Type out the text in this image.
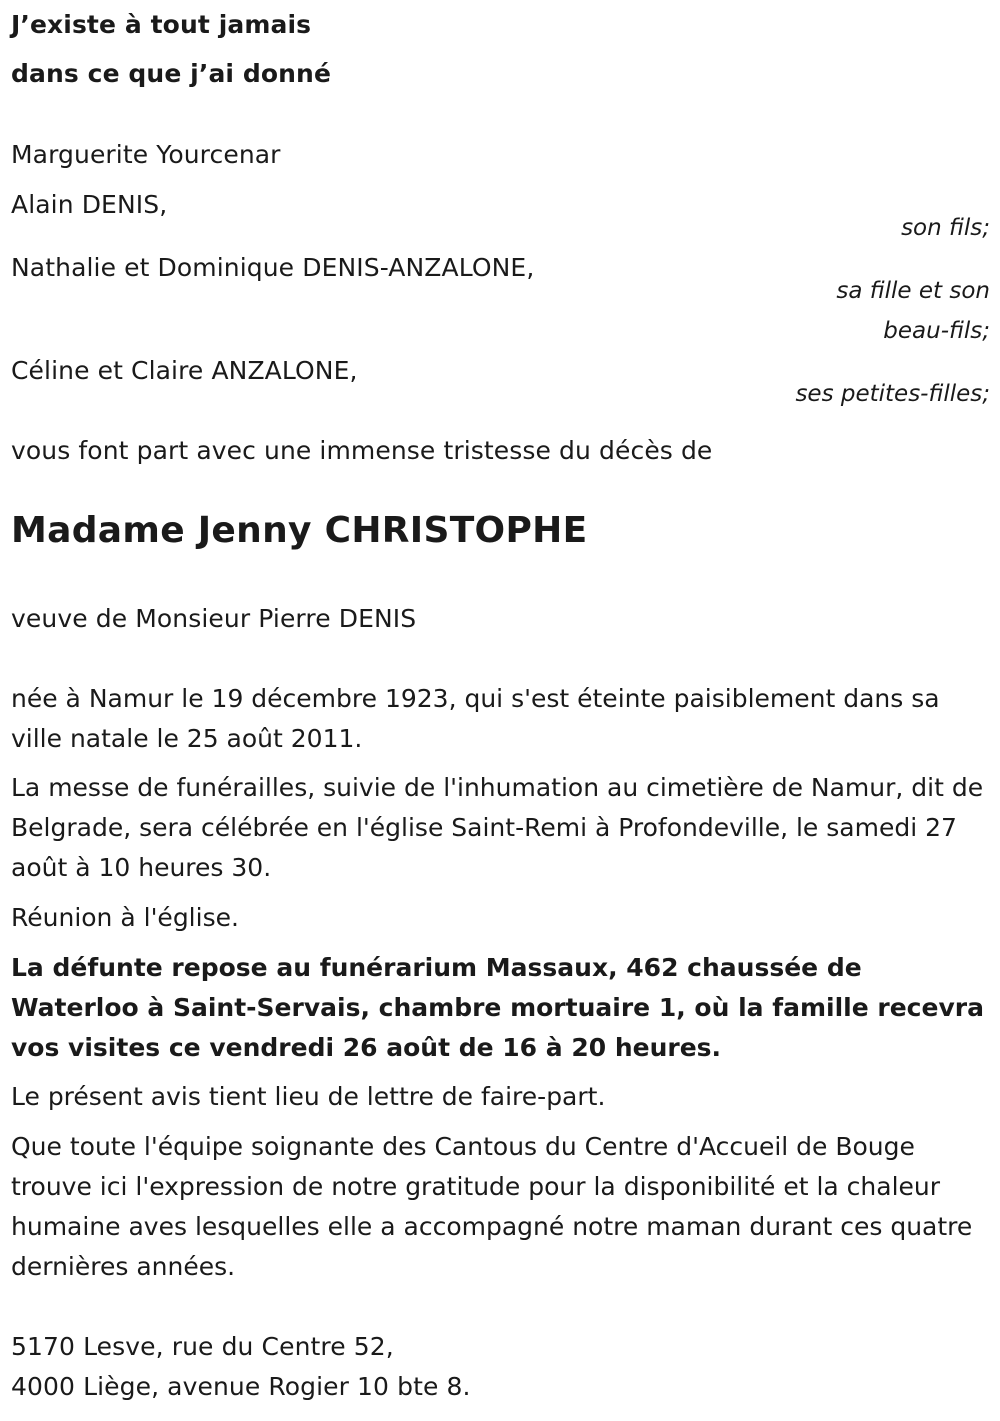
J’existe à tout jamais

dans ce que j’ai donné

Marguerite Yourcenar

Alain DENIS,

son fils;

Nathalie et Dominique DENIS-ANZALONE,

sa fille et son

beau-fils;

Céline et Claire ANZALONE,

ses petites-filles;

vous font part avec une immense tristesse du décès de

Madame Jenny CHRISTOPHE

veuve de Monsieur Pierre DENIS

née à Namur le 19 décembre 1923, qui s'est éteinte paisiblement dans sa ville natale le 25 août 2011.

La messe de funérailles, suivie de l'inhumation au cimetière de Namur, dit de Belgrade, sera célébrée en l'église Saint-Remi à Profondeville, le samedi 27 août à 10 heures 30.

Réunion à l'église.

La défunte repose au funérarium Massaux, 462 chaussée de Waterloo à Saint-Servais, chambre mortuaire 1, où la famille recevra vos visites ce vendredi 26 août de 16 à 20 heures.

Le présent avis tient lieu de lettre de faire-part.

Que toute l'équipe soignante des Cantous du Centre d'Accueil de Bouge trouve ici l'expression de notre gratitude pour la disponibilité et la chaleur humaine aves lesquelles elle a accompagné notre maman durant ces quatre dernières années.

5170 Lesve, rue du Centre 52,

4000 Liège, avenue Rogier 10 bte 8.
